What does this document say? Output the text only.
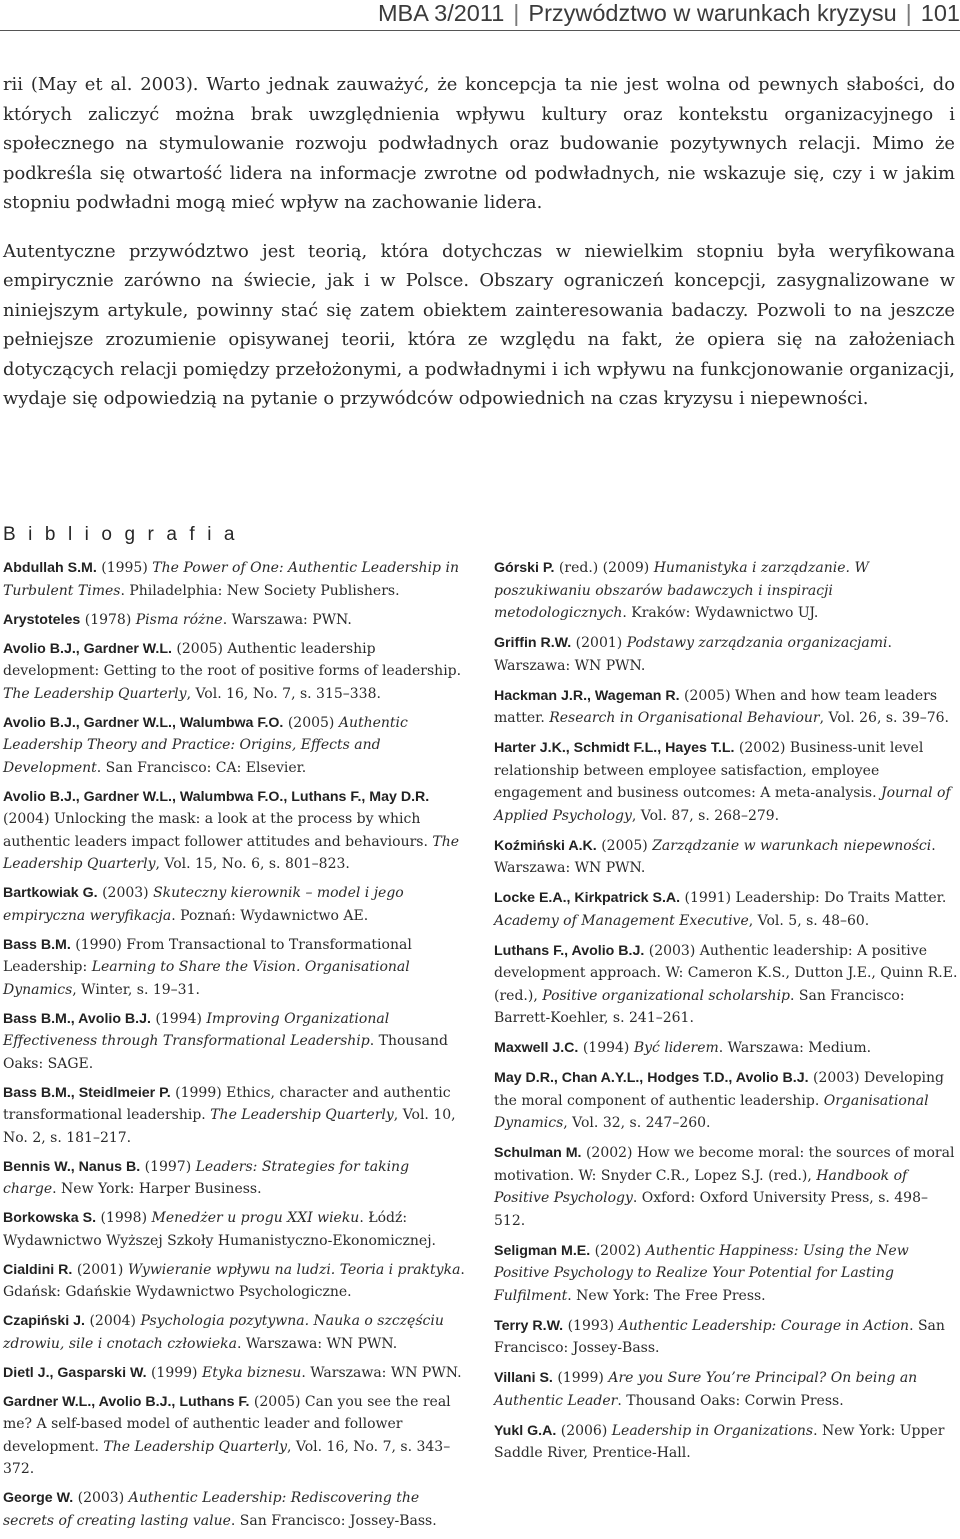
MBA 3/2011 | Przywództwo w warunkach kryzysu | 101

rii (May et al. 2003). Warto jednak zauważyć, że koncepcja ta nie jest wolna od pewnych słabości, do których zaliczyć można brak uwzględnienia wpływu kultury oraz kontekstu organizacyjnego i społecznego na stymulowanie rozwoju podwładnych oraz budowanie pozytywnych relacji. Mimo że podkreśla się otwartość lidera na informacje zwrotne od podwładnych, nie wskazuje się, czy i w jakim stopniu podwładni mogą mieć wpływ na zachowanie lidera.

Autentyczne przywództwo jest teorią, która dotychczas w niewielkim stopniu była weryfikowana empirycznie zarówno na świecie, jak i w Polsce. Obszary ograniczeń koncepcji, zasygnalizowane w niniejszym artykule, powinny stać się zatem obiektem zainteresowania badaczy. Pozwoli to na jeszcze pełniejsze zrozumienie opisywanej teorii, która ze względu na fakt, że opiera się na założeniach dotyczących relacji pomiędzy przełożonymi, a podwładnymi i ich wpływu na funkcjonowanie organizacji, wydaje się odpowiedzią na pytanie o przywódców odpowiednich na czas kryzysu i niepewności.

Bibliografia

Abdullah S.M. (1995) The Power of One: Authentic Leadership in Turbulent Times. Philadelphia: New Society Publishers.

Arystoteles (1978) Pisma różne. Warszawa: PWN.

Avolio B.J., Gardner W.L. (2005) Authentic leadership development: Getting to the root of positive forms of leadership. The Leadership Quarterly, Vol. 16, No. 7, s. 315–338.

Avolio B.J., Gardner W.L., Walumbwa F.O. (2005) Authentic Leadership Theory and Practice: Origins, Effects and Development. San Francisco: CA: Elsevier.

Avolio B.J., Gardner W.L., Walumbwa F.O., Luthans F., May D.R. (2004) Unlocking the mask: a look at the process by which authentic leaders impact follower attitudes and behaviours. The Leadership Quarterly, Vol. 15, No. 6, s. 801–823.

Bartkowiak G. (2003) Skuteczny kierownik – model i jego empiryczna weryfikacja. Poznań: Wydawnictwo AE.

Bass B.M. (1990) From Transactional to Transformational Leadership: Learning to Share the Vision. Organisational Dynamics, Winter, s. 19–31.

Bass B.M., Avolio B.J. (1994) Improving Organizational Effectiveness through Transformational Leadership. Thousand Oaks: SAGE.

Bass B.M., Steidlmeier P. (1999) Ethics, character and authentic transformational leadership. The Leadership Quarterly, Vol. 10, No. 2, s. 181–217.

Bennis W., Nanus B. (1997) Leaders: Strategies for taking charge. New York: Harper Business.

Borkowska S. (1998) Menedżer u progu XXI wieku. Łódź: Wydawnictwo Wyższej Szkoły Humanistyczno-Ekonomicznej.

Cialdini R. (2001) Wywieranie wpływu na ludzi. Teoria i praktyka. Gdańsk: Gdańskie Wydawnictwo Psychologiczne.

Czapiński J. (2004) Psychologia pozytywna. Nauka o szczęściu zdrowiu, sile i cnotach człowieka. Warszawa: WN PWN.

Dietl J., Gasparski W. (1999) Etyka biznesu. Warszawa: WN PWN.

Gardner W.L., Avolio B.J., Luthans F. (2005) Can you see the real me? A self-based model of authentic leader and follower development. The Leadership Quarterly, Vol. 16, No. 7, s. 343–372.

George W. (2003) Authentic Leadership: Rediscovering the secrets of creating lasting value. San Francisco: Jossey-Bass.

Górski P. (red.) (2009) Humanistyka i zarządzanie. W poszukiwaniu obszarów badawczych i inspiracji metodologicznych. Kraków: Wydawnictwo UJ.

Griffin R.W. (2001) Podstawy zarządzania organizacjami. Warszawa: WN PWN.

Hackman J.R., Wageman R. (2005) When and how team leaders matter. Research in Organisational Behaviour, Vol. 26, s. 39–76.

Harter J.K., Schmidt F.L., Hayes T.L. (2002) Business-unit level relationship between employee satisfaction, employee engagement and business outcomes: A meta-analysis. Journal of Applied Psychology, Vol. 87, s. 268–279.

Koźmiński A.K. (2005) Zarządzanie w warunkach niepewności. Warszawa: WN PWN.

Locke E.A., Kirkpatrick S.A. (1991) Leadership: Do Traits Matter. Academy of Management Executive, Vol. 5, s. 48–60.

Luthans F., Avolio B.J. (2003) Authentic leadership: A positive development approach. W: Cameron K.S., Dutton J.E., Quinn R.E. (red.), Positive organizational scholarship. San Francisco: Barrett-Koehler, s. 241–261.

Maxwell J.C. (1994) Być liderem. Warszawa: Medium.

May D.R., Chan A.Y.L., Hodges T.D., Avolio B.J. (2003) Developing the moral component of authentic leadership. Organisational Dynamics, Vol. 32, s. 247–260.

Schulman M. (2002) How we become moral: the sources of moral motivation. W: Snyder C.R., Lopez S.J. (red.), Handbook of Positive Psychology. Oxford: Oxford University Press, s. 498–512.

Seligman M.E. (2002) Authentic Happiness: Using the New Positive Psychology to Realize Your Potential for Lasting Fulfilment. New York: The Free Press.

Terry R.W. (1993) Authentic Leadership: Courage in Action. San Francisco: Jossey-Bass.

Villani S. (1999) Are you Sure You’re Principal? On being an Authentic Leader. Thousand Oaks: Corwin Press.

Yukl G.A. (2006) Leadership in Organizations. New York: Upper Saddle River, Prentice-Hall.
